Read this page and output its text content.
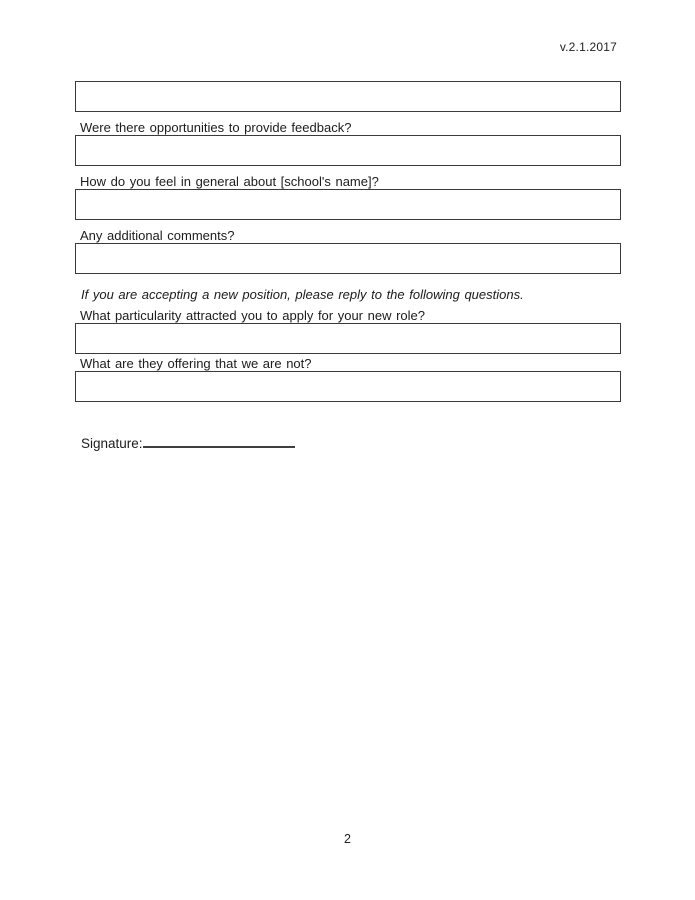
v.2.1.2017
Were there opportunities to provide feedback?
How do you feel in general about [school's name]?
Any additional comments?
If you are accepting a new position, please reply to the following questions.
What particularity attracted you to apply for your new role?
What are they offering that we are not?
Signature:
2
